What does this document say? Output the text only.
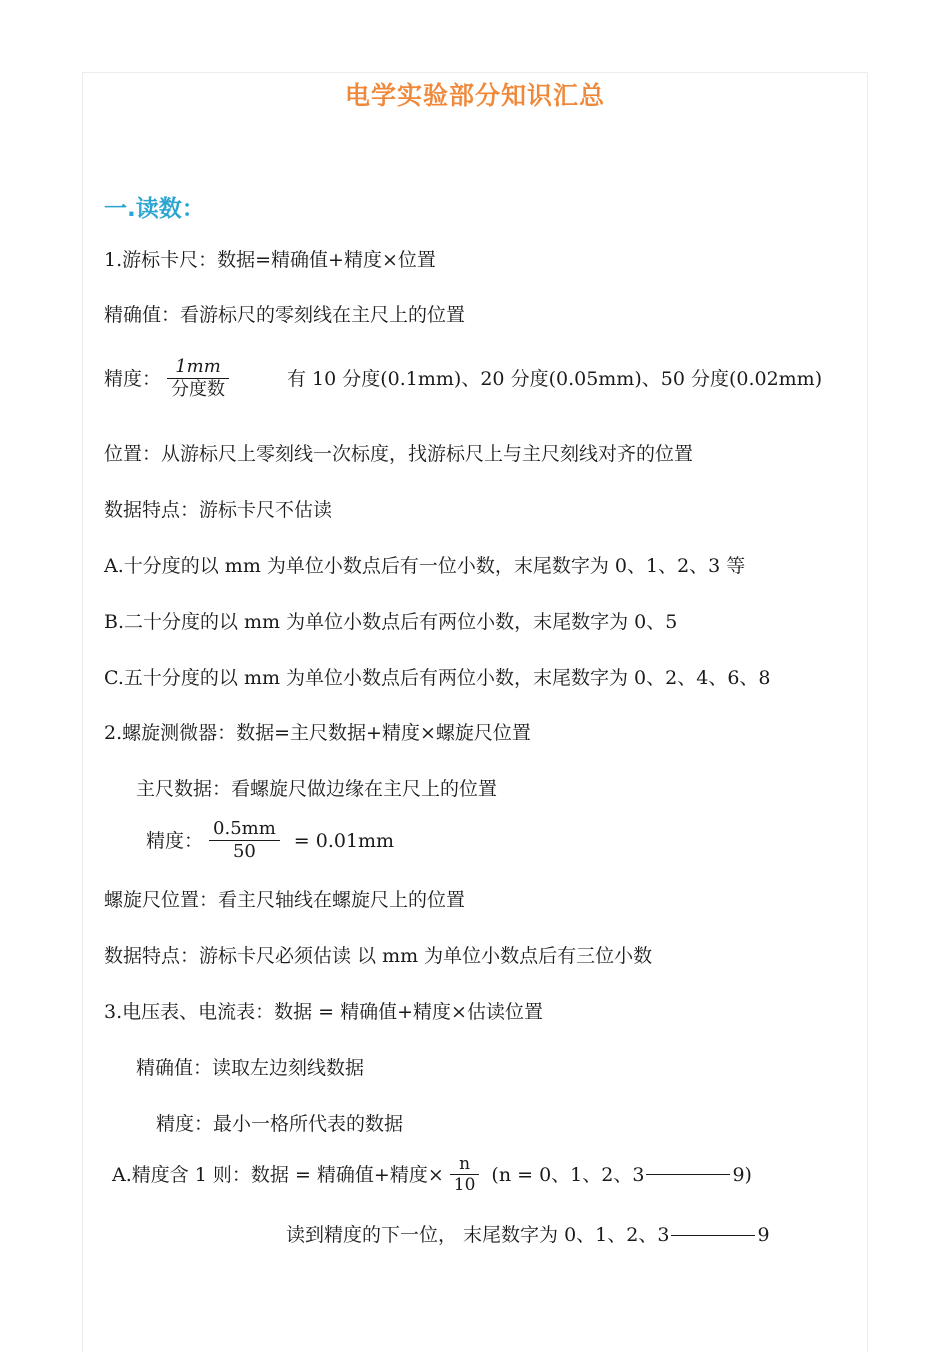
电学实验部分知识汇总
一.读数：
1.游标卡尺：数据=精确值+精度×位置
精确值：看游标尺的零刻线在主尺上的位置
精度： $\frac{1mm}{\text{分度数}}$	有 10 分度(0.1mm)、20 分度(0.05mm)、50 分度(0.02mm)
位置：从游标尺上零刻线一次标度，找游标尺上与主尺刻线对齐的位置
数据特点：游标卡尺不估读
A.十分度的以 mm 为单位小数点后有一位小数，末尾数字为 0、1、2、3 等
B.二十分度的以 mm 为单位小数点后有两位小数，末尾数字为 0、5
C.五十分度的以 mm 为单位小数点后有两位小数，末尾数字为 0、2、4、6、8
2.螺旋测微器：数据=主尺数据+精度×螺旋尺位置
主尺数据：看螺旋尺做边缘在主尺上的位置
精度： $\frac{0.5mm}{50} = 0.01mm$
螺旋尺位置：看主尺轴线在螺旋尺上的位置
数据特点：游标卡尺必须估读 以 mm 为单位小数点后有三位小数
3.电压表、电流表：数据 = 精确值+精度×估读位置
精确值：读取左边刻线数据
精度：最小一格所代表的数据
A.精度含 1 则：数据 = 精确值+精度× $\frac{n}{10} (n = 0$、1、2、3	9)
读到精度的下一位， 末尾数字为 0、1、2、3	9
